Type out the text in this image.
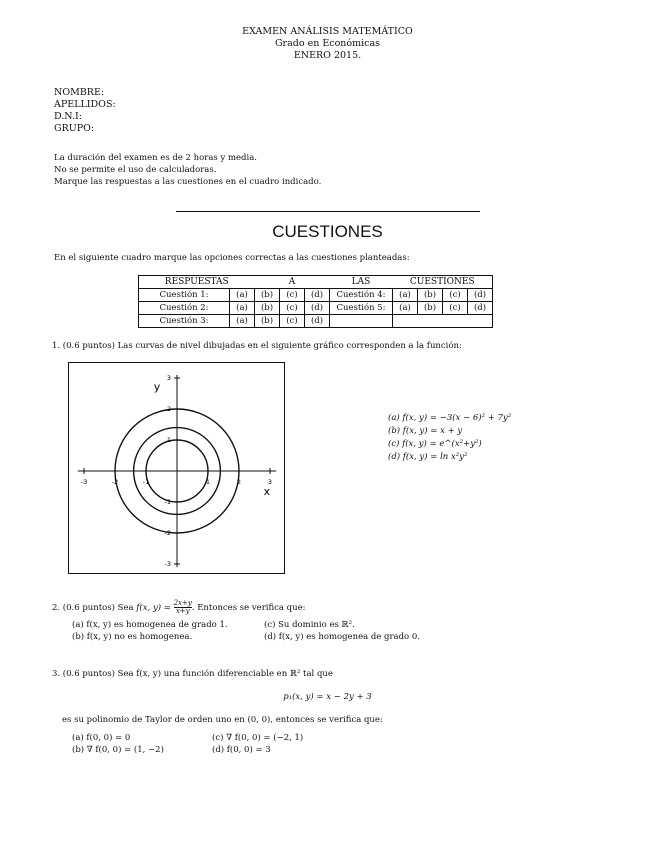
EXAMEN ANÁLISIS MATEMÁTICO
Grado en Económicas
ENERO 2015.
NOMBRE:
APELLIDOS:
D.N.I:
GRUPO:
La duración del examen es de 2 horas y media.
No se permite el uso de calculadoras.
Marque las respuestas a las cuestiones en el cuadro indicado.
CUESTIONES
En el siguiente cuadro marque las opciones correctas a las cuestiones planteadas:
RESPUESTAS		A			LAS	CUESTIONES			
Cuestión 1:	(a)	(b)	(c)	(d)	Cuestión 4:	(a)	(b)	(c)	(d)
Cuestión 2:	(a)	(b)	(c)	(d)	Cuestión 5:	(a)	(b)	(c)	(d)
Cuestión 3:	(a)	(b)	(c)	(d)					
1. (0.6 puntos) Las curvas de nivel dibujadas en el siguiente gráfico corresponden a la función:
-3	-2	-1	1	2	3
3
2
1
-1
-2
-3
x
y
(a) f(x, y) = −3(x − 6)² + 7y²
(b) f(x, y) = x + y
(c) f(x, y) = e^(x²+y²)
(d) f(x, y) = ln x²y²
2. (0.6 puntos) Sea f(x, $y) = \frac{2x+y}{x+y}$ . Entonces se verifica que:
(a) f(x, y) es homogenea de grado 1.
(b) f(x, y) no es homogenea.
(c) Su dominio es ℝ².
(d) f(x, y) es homogenea de grado 0.
3. (0.6 puntos) Sea f(x, y) una función diferenciable en ℝ² tal que
p₁(x, y) = x − 2y + 3
es su polinomio de Taylor de orden uno en (0, 0), entonces se verifica que:
(a) f(0, 0) = 0
(b) ∇ f(0, 0) = (1, −2)
(c) ∇ f(0, 0) = (−2, 1)
(d) f(0, 0) = 3
